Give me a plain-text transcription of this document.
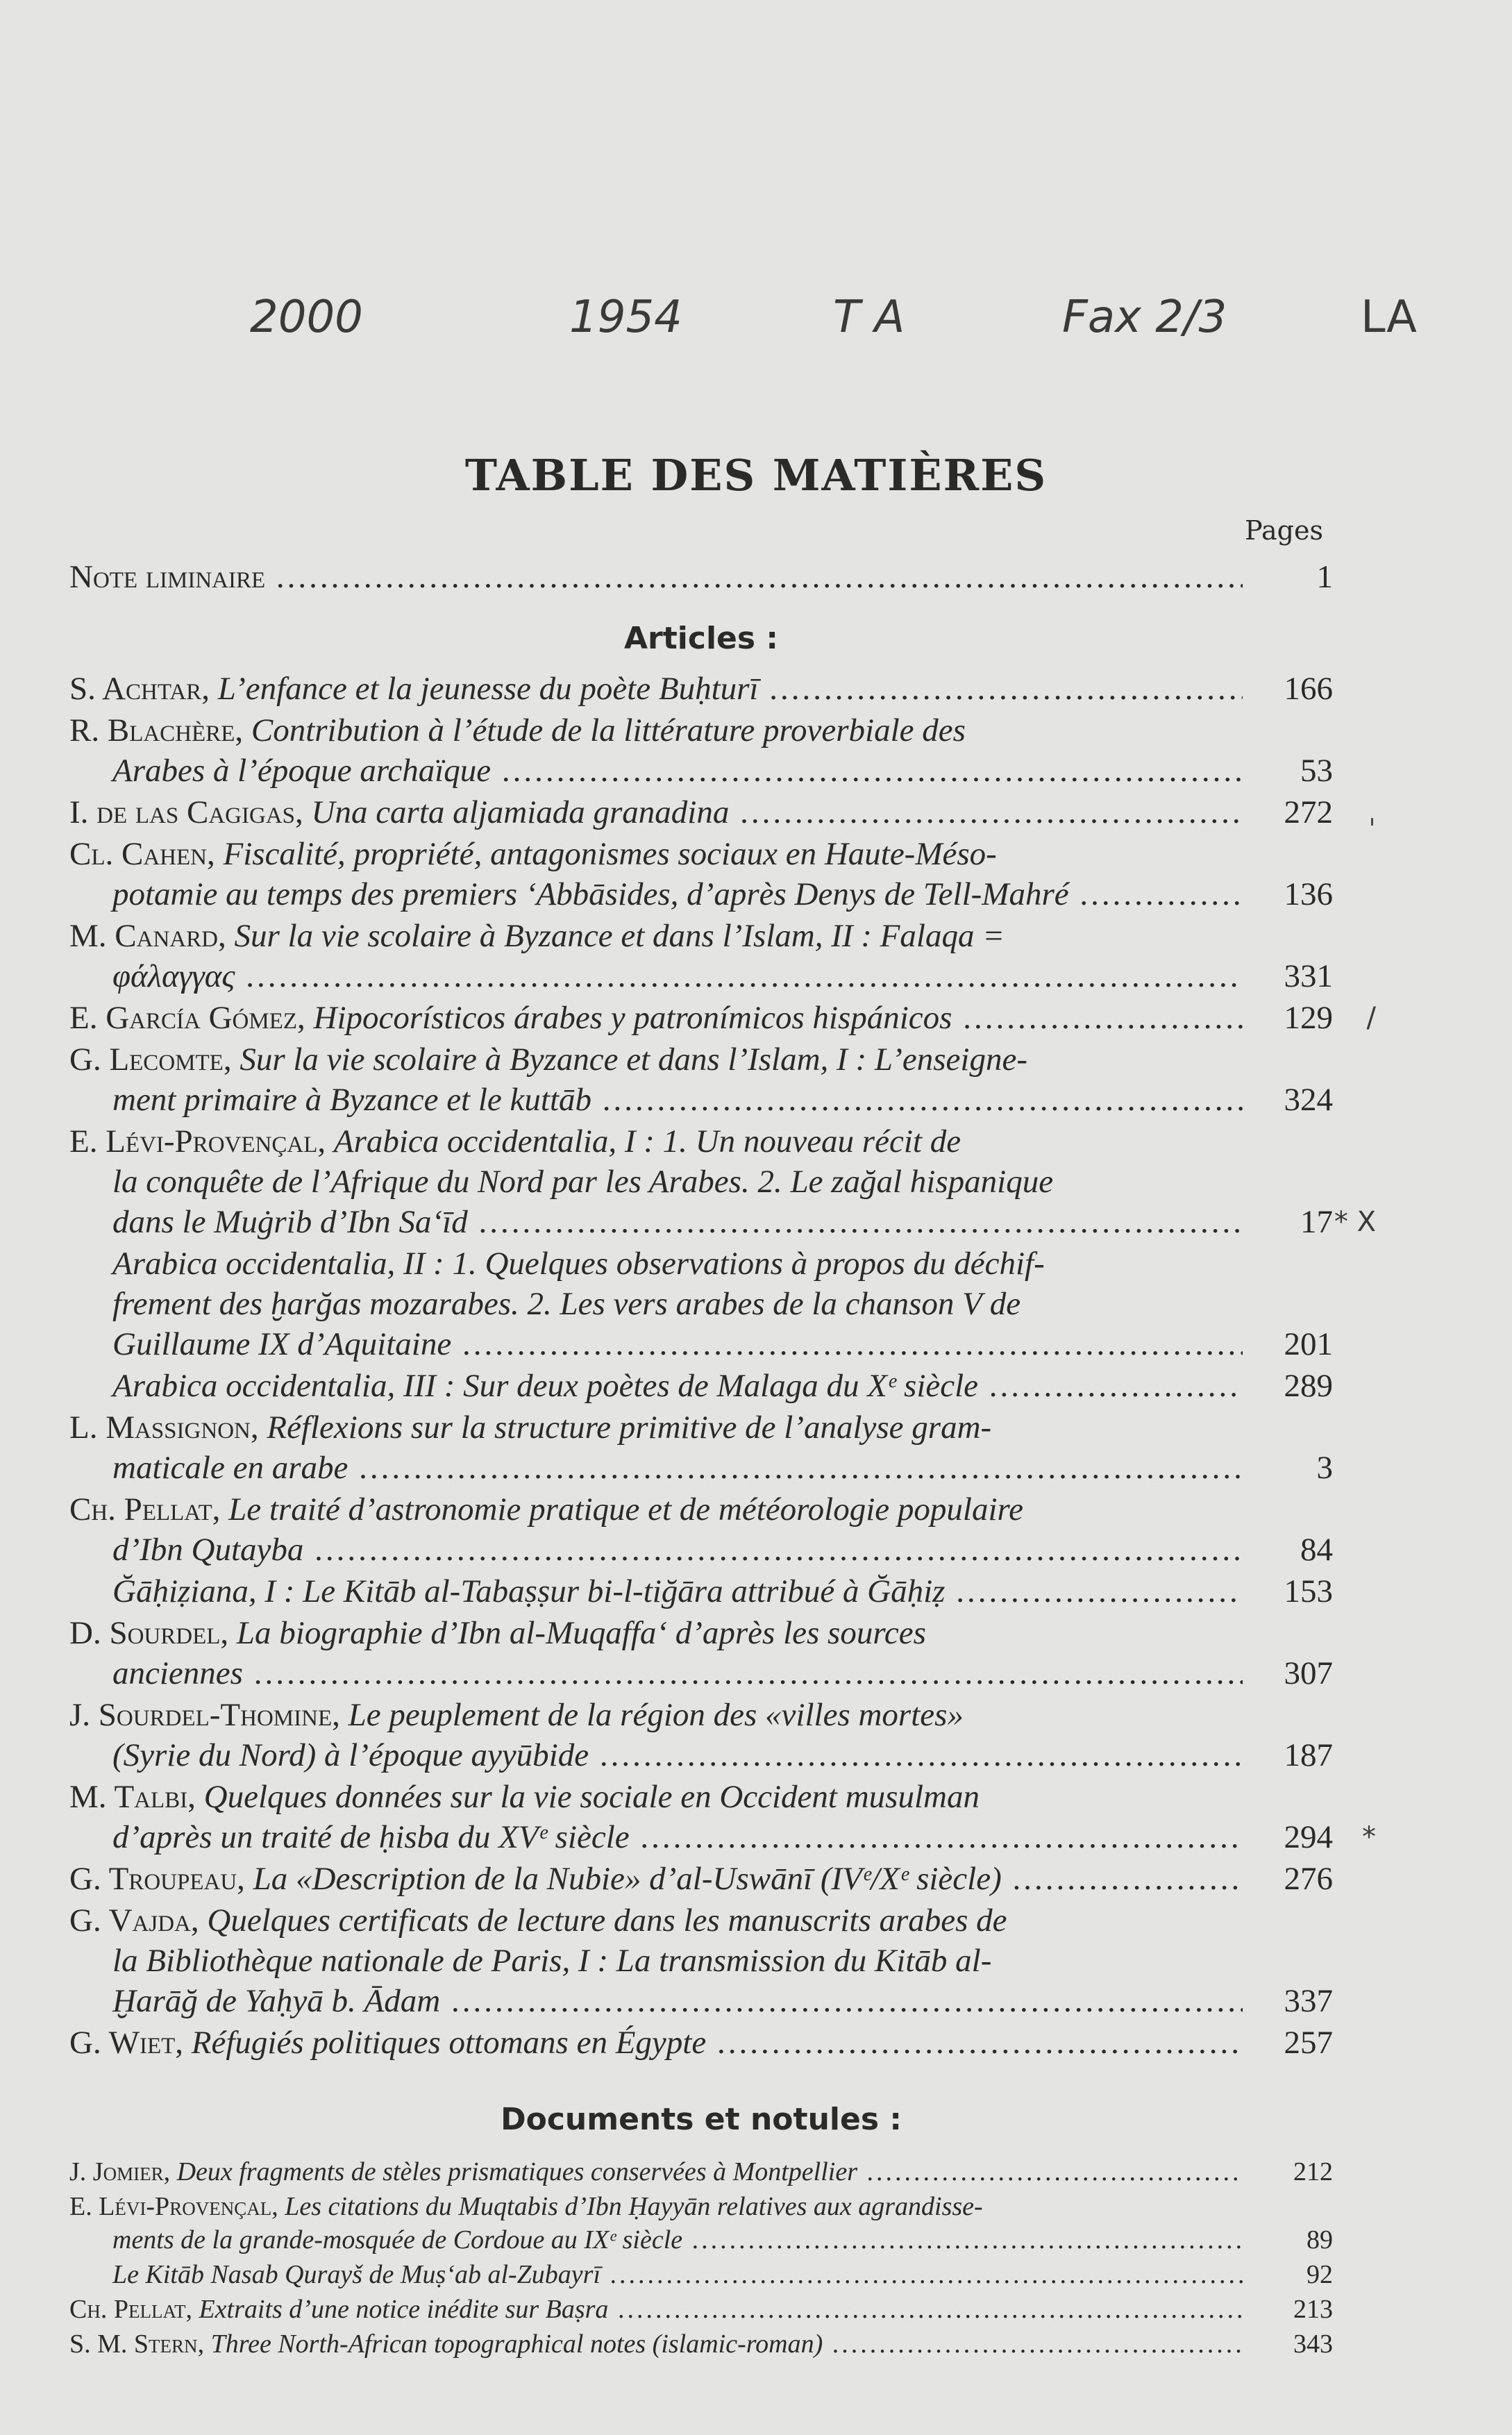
2000	1954	T A	Fax 2/3	LA
TABLE DES MATIÈRES
Pages
Note liminaire .....	1
Articles :
S. Achtar, L’enfance et la jeunesse du poète Buḥturī .....	166
R. Blachère, Contribution à l’étude de la littérature proverbiale des
Arabes à l’époque archaïque .....	53
I. de las Cagigas, Una carta aljamiada granadina .....	272 ˌ
Cl. Cahen, Fiscalité, propriété, antagonismes sociaux en Haute-Méso-
potamie au temps des premiers ‘Abbāsides, d’après Denys de Tell-Mahré .....	136
M. Canard, Sur la vie scolaire à Byzance et dans l’Islam, II : Falaqa =
φάλαγγας .....	331
E. García Gómez, Hipocorísticos árabes y patronímicos hispánicos .....	129 /
G. Lecomte, Sur la vie scolaire à Byzance et dans l’Islam, I : L’enseigne-
ment primaire à Byzance et le kuttāb .....	324
E. Lévi-Provençal, Arabica occidentalia, I : 1. Un nouveau récit de
la conquête de l’Afrique du Nord par les Arabes. 2. Le zağal hispanique
dans le Muġrib d’Ibn Sa‘īd .....	17 * X
Arabica occidentalia, II : 1. Quelques observations à propos du déchif-
frement des ḫarğas mozarabes. 2. Les vers arabes de la chanson V de
Guillaume IX d’Aquitaine .....	201
Arabica occidentalia, III : Sur deux poètes de Malaga du Xᵉ siècle .....	289
L. Massignon, Réflexions sur la structure primitive de l’analyse gram-
maticale en arabe .....	3
Ch. Pellat, Le traité d’astronomie pratique et de météorologie populaire
d’Ibn Qutayba .....	84
Ğāḥiẓiana, I : Le Kitāb al-Tabaṣṣur bi-l-tiğāra attribué à Ğāḥiẓ .....	153
D. Sourdel, La biographie d’Ibn al-Muqaffa‘ d’après les sources
anciennes .....	307
J. Sourdel-Thomine, Le peuplement de la région des «villes mortes»
(Syrie du Nord) à l’époque ayyūbide .....	187
M. Talbi, Quelques données sur la vie sociale en Occident musulman
d’après un traité de ḥisba du XVᵉ siècle .....	294 *
G. Troupeau, La «Description de la Nubie» d’al-Uswānī (IVᵉ/Xᵉ siècle) .....	276
G. Vajda, Quelques certificats de lecture dans les manuscrits arabes de
la Bibliothèque nationale de Paris, I : La transmission du Kitāb al-
Ḫarāğ de Yaḥyā b. Ādam .....	337
G. Wiet, Réfugiés politiques ottomans en Égypte .....	257
Documents et notules :
J. Jomier, Deux fragments de stèles prismatiques conservées à Montpellier .....	212
E. Lévi-Provençal, Les citations du Muqtabis d’Ibn Ḥayyān relatives aux agrandisse-
ments de la grande-mosquée de Cordoue au IXᵉ siècle .....	89
Le Kitāb Nasab Qurayš de Muṣ‘ab al-Zubayrī .....	92
Ch. Pellat, Extraits d’une notice inédite sur Baṣra .....	213
S. M. Stern, Three North-African topographical notes (islamic-roman) .....	343
